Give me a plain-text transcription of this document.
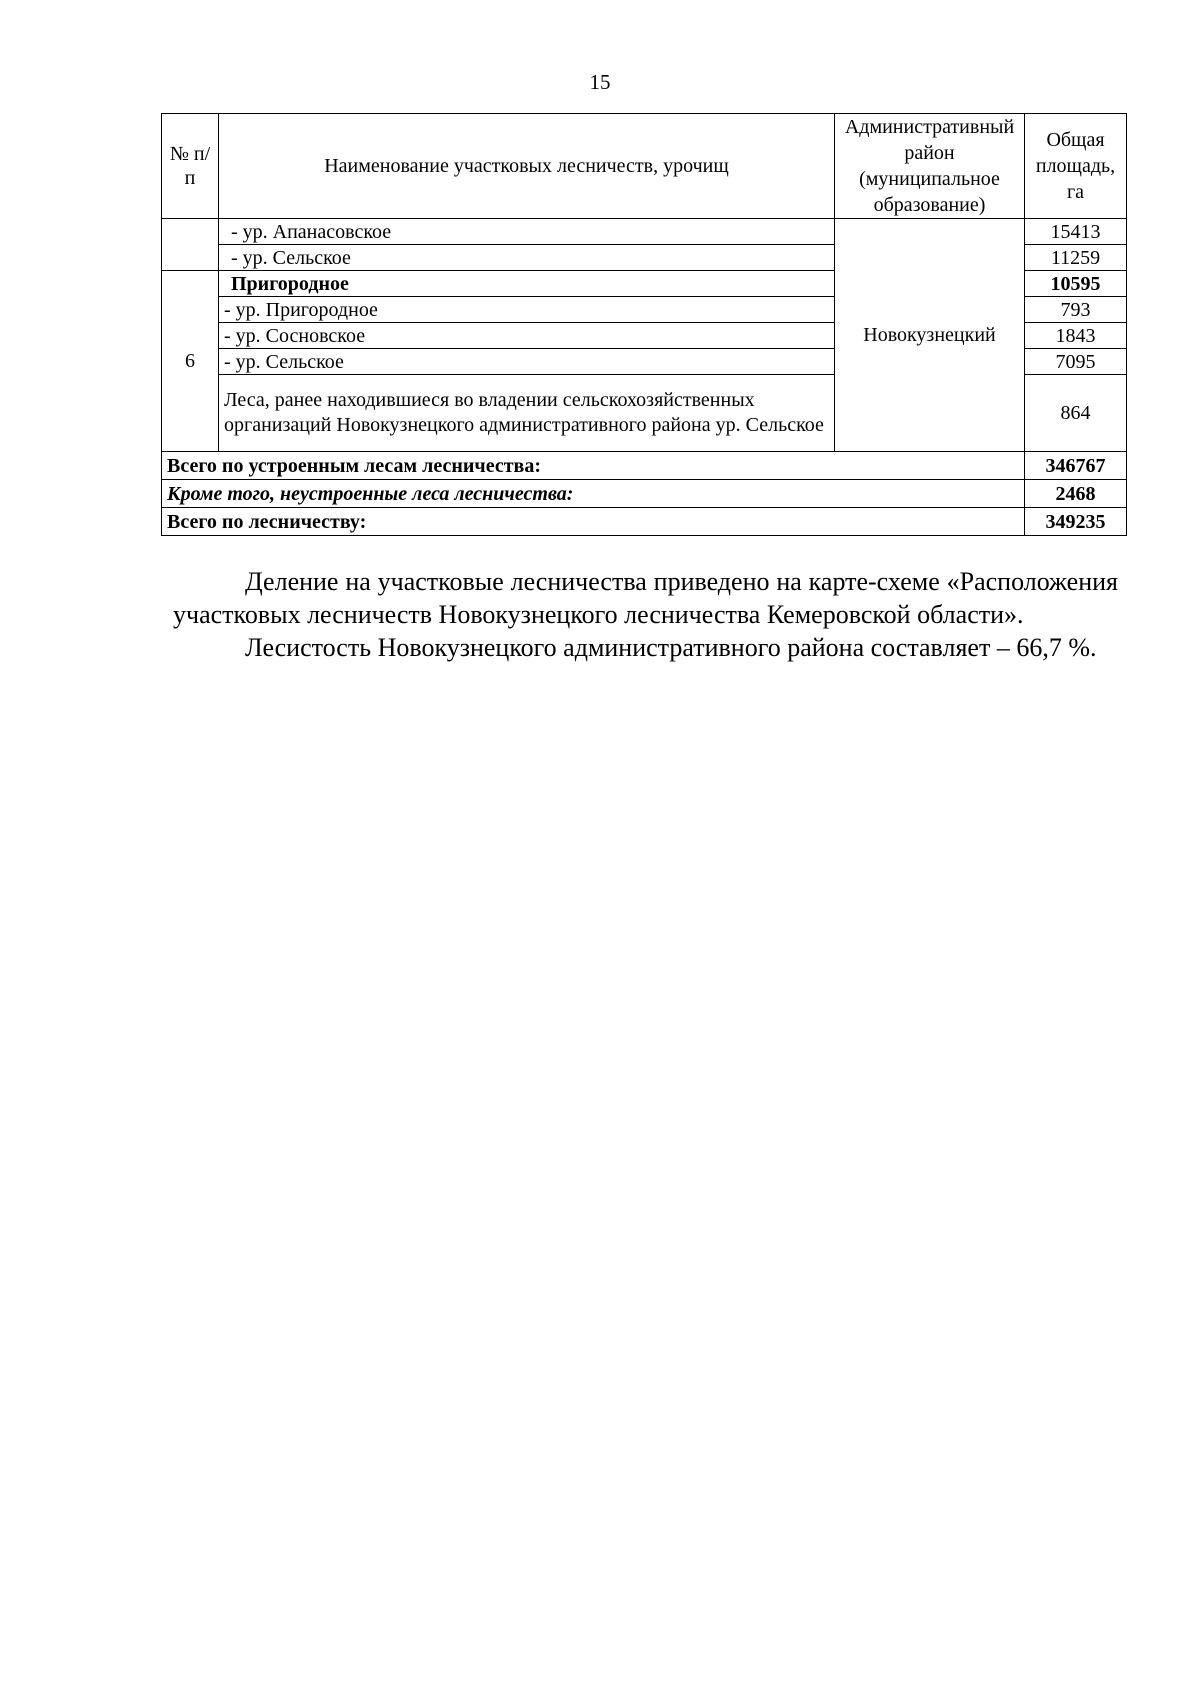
15
№ п/п	Наименование участковых лесничеств, урочищ	Административный район (муниципальное образование)	Общая площадь, га
	- ур. Апанасовское	Новокузнецкий	15413
	- ур. Сельское		11259
6	Пригородное		10595
	- ур. Пригородное		793
	- ур. Сосновское		1843
	- ур. Сельское		7095
	Леса, ранее находившиеся во владении сельскохозяйственных организаций Новокузнецкого административного района ур. Сельское		864
Всего по устроенным лесам лесничества:			346767
Кроме того, неустроенные леса лесничества:			2468
Всего по лесничеству:			349235

Деление на участковые лесничества приведено на карте-схеме «Расположения участковых лесничеств Новокузнецкого лесничества Кемеровской области».

Лесистость Новокузнецкого административного района составляет – 66,7 %.
